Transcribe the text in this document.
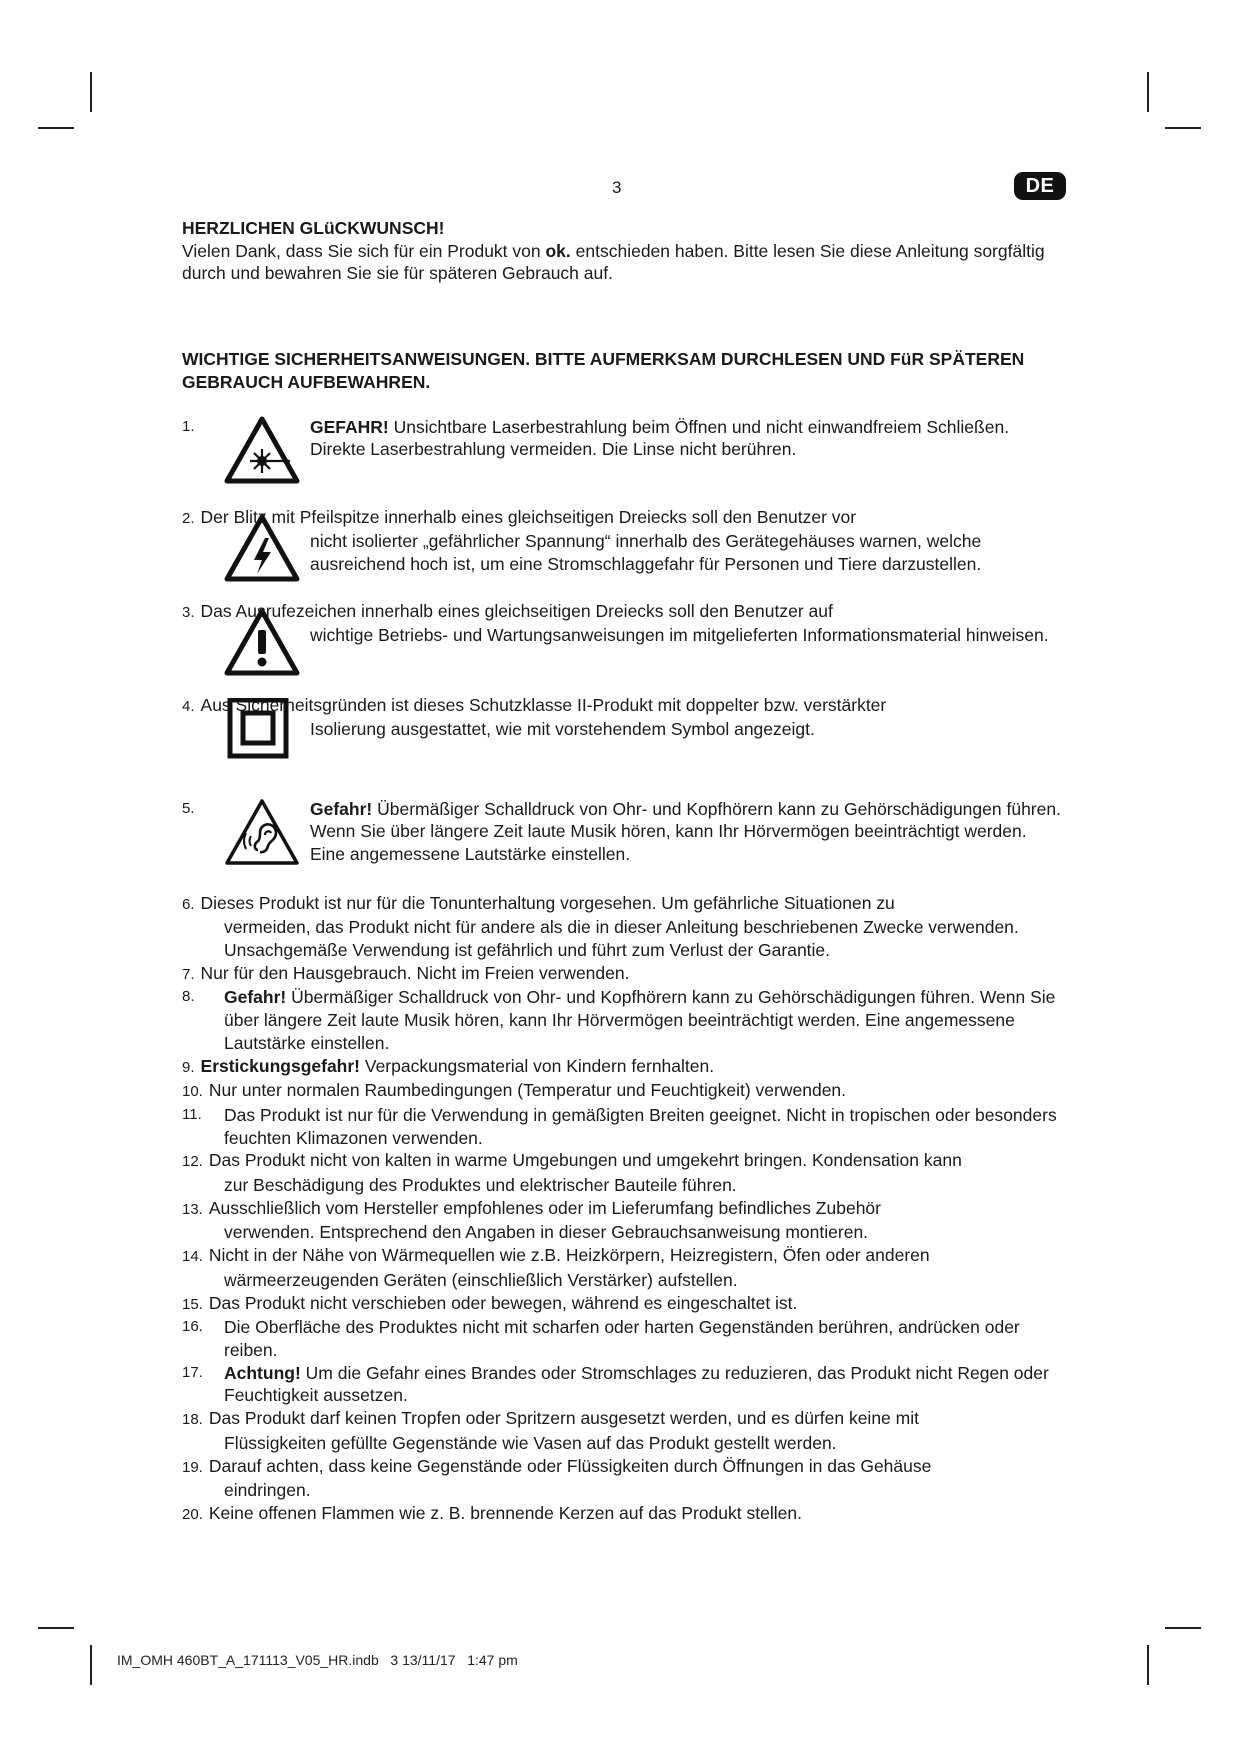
3	DE
HERZLICHEN GLüCKWUNSCH!

Vielen Dank, dass Sie sich für ein Produkt von ok. entschieden haben. Bitte lesen Sie diese Anleitung sorgfältig durch und bewahren Sie sie für späteren Gebrauch auf.

WICHTIGE SICHERHEITSANWEISUNGEN. BITTE AUFMERKSAM DURCHLESEN UND FüR SPÄTEREN GEBRAUCH AUFBEWAHREN.
1.	GEFAHR! Unsichtbare Laserbestrahlung beim Öffnen und nicht einwandfreiem Schließen. Direkte Laserbestrahlung vermeiden. Die Linse nicht berühren.

2. Der Blitz mit Pfeilspitze innerhalb eines gleichseitigen Dreiecks soll den Benutzer vor

nicht isolierter „gefährlicher Spannung“ innerhalb des Gerätegehäuses warnen, welche ausreichend hoch ist, um eine Stromschlaggefahr für Personen und Tiere darzustellen.

3. Das Ausrufezeichen innerhalb eines gleichseitigen Dreiecks soll den Benutzer auf

wichtige Betriebs- und Wartungsanweisungen im mitgelieferten Informationsmaterial hinweisen.

4. Aus Sicherheitsgründen ist dieses Schutzklasse II-Produkt mit doppelter bzw. verstärkter

Isolierung ausgestattet, wie mit vorstehendem Symbol angezeigt.

5.	Gefahr! Übermäßiger Schalldruck von Ohr- und Kopfhörern kann zu Gehörschädigungen führen. Wenn Sie über längere Zeit laute Musik hören, kann Ihr Hörvermögen beeinträchtigt werden. Eine angemessene Lautstärke einstellen.

6. Dieses Produkt ist nur für die Tonunterhaltung vorgesehen. Um gefährliche Situationen zu
vermeiden, das Produkt nicht für andere als die in dieser Anleitung beschriebenen Zwecke verwenden. Unsachgemäße Verwendung ist gefährlich und führt zum Verlust der Garantie.
7. Nur für den Hausgebrauch. Nicht im Freien verwenden.
8. Gefahr! Übermäßiger Schalldruck von Ohr- und Kopfhörern kann zu Gehörschädigungen führen. Wenn Sie über längere Zeit laute Musik hören, kann Ihr Hörvermögen beeinträchtigt werden. Eine angemessene Lautstärke einstellen.
9. Erstickungsgefahr! Verpackungsmaterial von Kindern fernhalten.
10. Nur unter normalen Raumbedingungen (Temperatur und Feuchtigkeit) verwenden.
11. Das Produkt ist nur für die Verwendung in gemäßigten Breiten geeignet. Nicht in tropischen oder besonders feuchten Klimazonen verwenden.
12. Das Produkt nicht von kalten in warme Umgebungen und umgekehrt bringen. Kondensation kann
zur Beschädigung des Produktes und elektrischer Bauteile führen.
13. Ausschließlich vom Hersteller empfohlenes oder im Lieferumfang befindliches Zubehör
verwenden. Entsprechend den Angaben in dieser Gebrauchsanweisung montieren.
14. Nicht in der Nähe von Wärmequellen wie z.B. Heizkörpern, Heizregistern, Öfen oder anderen
wärmeerzeugenden Geräten (einschließlich Verstärker) aufstellen.
15. Das Produkt nicht verschieben oder bewegen, während es eingeschaltet ist.
16. Die Oberfläche des Produktes nicht mit scharfen oder harten Gegenständen berühren, andrücken oder reiben.
17. Achtung! Um die Gefahr eines Brandes oder Stromschlages zu reduzieren, das Produkt nicht Regen oder Feuchtigkeit aussetzen.
18. Das Produkt darf keinen Tropfen oder Spritzern ausgesetzt werden, und es dürfen keine mit
Flüssigkeiten gefüllte Gegenstände wie Vasen auf das Produkt gestellt werden.
19. Darauf achten, dass keine Gegenstände oder Flüssigkeiten durch Öffnungen in das Gehäuse
eindringen.
20. Keine offenen Flammen wie z. B. brennende Kerzen auf das Produkt stellen.
IM_OMH 460BT_A_171113_V05_HR.indb   3 13/11/17   1:47 pm
